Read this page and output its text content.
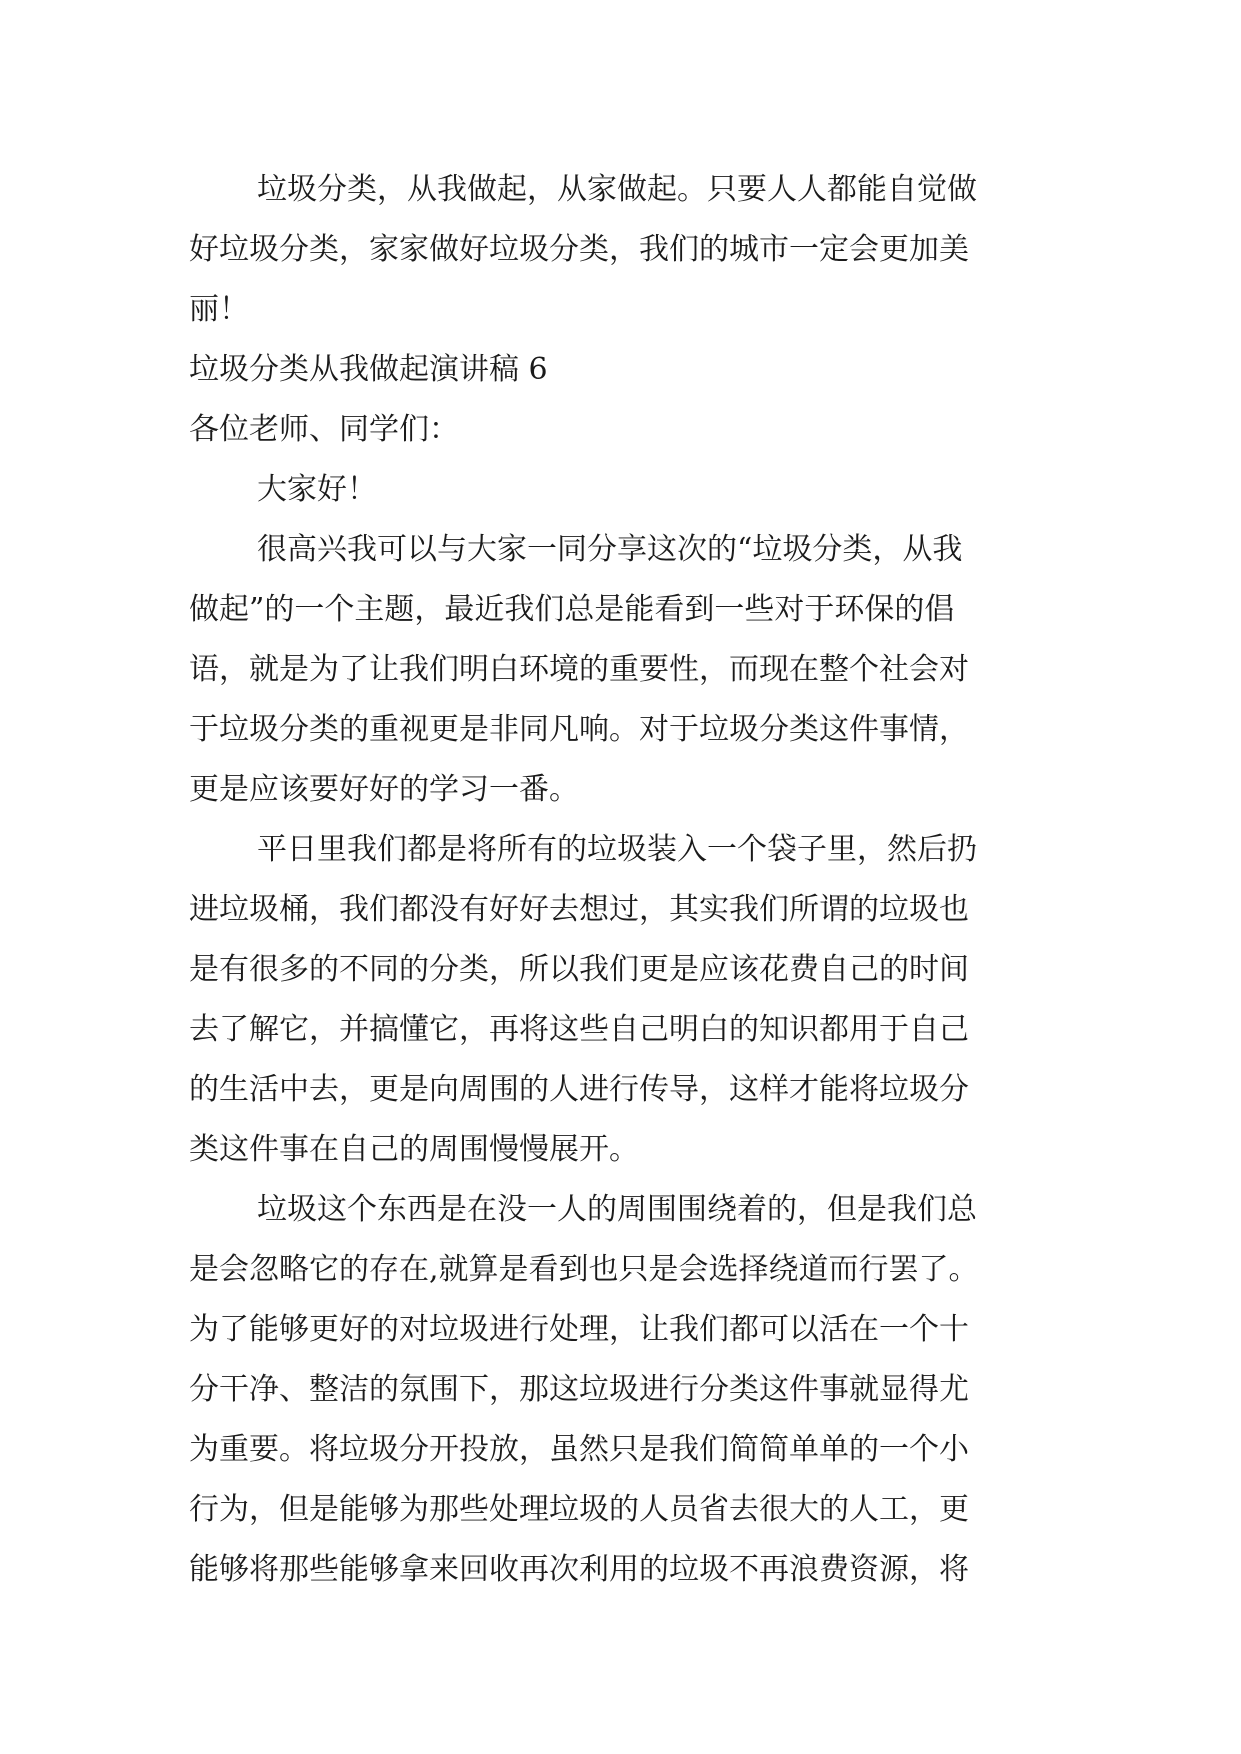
垃圾分类，从我做起，从家做起。只要人人都能自觉做
好垃圾分类，家家做好垃圾分类，我们的城市一定会更加美
丽！
垃圾分类从我做起演讲稿 6
各位老师、同学们：
大家好！
很高兴我可以与大家一同分享这次的“垃圾分类，从我
做起”的一个主题，最近我们总是能看到一些对于环保的倡
语，就是为了让我们明白环境的重要性，而现在整个社会对
于垃圾分类的重视更是非同凡响。对于垃圾分类这件事情，
更是应该要好好的学习一番。
平日里我们都是将所有的垃圾装入一个袋子里，然后扔
进垃圾桶，我们都没有好好去想过，其实我们所谓的垃圾也
是有很多的不同的分类，所以我们更是应该花费自己的时间
去了解它，并搞懂它，再将这些自己明白的知识都用于自己
的生活中去，更是向周围的人进行传导，这样才能将垃圾分
类这件事在自己的周围慢慢展开。
垃圾这个东西是在没一人的周围围绕着的，但是我们总
是会忽略它的存在,就算是看到也只是会选择绕道而行罢了。
为了能够更好的对垃圾进行处理，让我们都可以活在一个十
分干净、整洁的氛围下，那这垃圾进行分类这件事就显得尤
为重要。将垃圾分开投放，虽然只是我们简简单单的一个小
行为，但是能够为那些处理垃圾的人员省去很大的人工，更
能够将那些能够拿来回收再次利用的垃圾不再浪费资源，将
